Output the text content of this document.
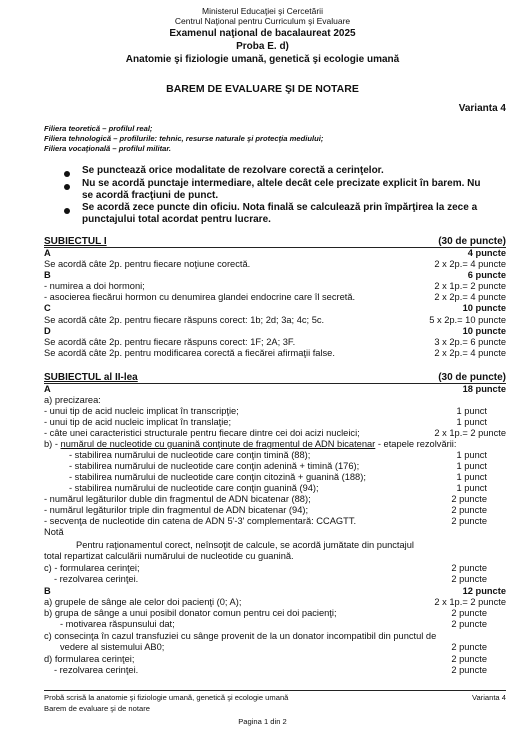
Ministerul Educaţiei şi Cercetării
Centrul Naţional pentru Curriculum şi Evaluare
Examenul naţional de bacalaureat 2025
Proba E. d)
Anatomie şi fiziologie umană, genetică şi ecologie umană
BAREM DE EVALUARE ŞI DE NOTARE
Varianta 4
Filiera teoretică – profilul real;
Filiera tehnologică – profilurile: tehnic, resurse naturale şi protecţia mediului;
Filiera vocaţională – profilul militar.
Se punctează orice modalitate de rezolvare corectă a cerinţelor.
Nu se acordă punctaje intermediare, altele decât cele precizate explicit în barem. Nu
se acordă fracţiuni de punct.
Se acordă zece puncte din oficiu. Nota finală se calculează prin împărţirea la zece a
punctajului total acordat pentru lucrare.
SUBIECTUL I	(30 de puncte)
A	4 puncte
Se acordă câte 2p. pentru fiecare noţiune corectă.	2 x 2p.= 4 puncte
B	6 puncte
- numirea a doi hormoni;	2 x 1p.= 2 puncte
- asocierea fiecărui hormon cu denumirea glandei endocrine care îl secretă.	2 x 2p.= 4 puncte
C	10 puncte
Se acordă câte 2p. pentru fiecare răspuns corect: 1b; 2d; 3a; 4c; 5c.	5 x 2p.= 10 puncte
D	10 puncte
Se acordă câte 2p. pentru fiecare răspuns corect: 1F; 2A; 3F.	3 x 2p.= 6 puncte
Se acordă câte 2p. pentru modificarea corectă a fiecărei afirmaţii false.	2 x 2p.= 4 puncte
SUBIECTUL al II-lea	(30 de puncte)
A	18 puncte
a) precizarea:
- unui tip de acid nucleic implicat în transcripţie;	1 punct
- unui tip de acid nucleic implicat în translaţie;	1 punct
- câte unei caracteristici structurale pentru fiecare dintre cei doi acizi nucleici;	2 x 1p.= 2 puncte
b) - numărul de nucleotide cu guanină conţinute de fragmentul de ADN bicatenar - etapele rezolvării:
- stabilirea numărului de nucleotide care conţin timină (88);	1 punct
- stabilirea numărului de nucleotide care conţin adenină + timină (176);	1 punct
- stabilirea numărului de nucleotide care conţin citozină + guanină (188);	1 punct
- stabilirea numărului de nucleotide care conţin guanină (94);	1 punct
- numărul legăturilor duble din fragmentul de ADN bicatenar (88);	2 puncte
- numărul legăturilor triple din fragmentul de ADN bicatenar (94);	2 puncte
- secvenţa de nucleotide din catena de ADN 5'-3' complementară: CCAGTT.	2 puncte
Notă
Pentru raţionamentul corect, neînsoţit de calcule, se acordă jumătate din punctajul
total repartizat calculării numărului de nucleotide cu guanină.
c) - formularea cerinţei;	2 puncte
- rezolvarea cerinţei.	2 puncte
B	12 puncte
a) grupele de sânge ale celor doi pacienţi (0; A);	2 x 1p.= 2 puncte
b) grupa de sânge a unui posibil donator comun pentru cei doi pacienţi;	2 puncte
- motivarea răspunsului dat;	2 puncte
c) consecinţa în cazul transfuziei cu sânge provenit de la un donator incompatibil din punctul de
vedere al sistemului AB0;	2 puncte
d) formularea cerinţei;	2 puncte
- rezolvarea cerinţei.	2 puncte
Probă scrisă la anatomie şi fiziologie umană, genetică şi ecologie umană	Varianta 4
Barem de evaluare şi de notare
Pagina 1 din 2
